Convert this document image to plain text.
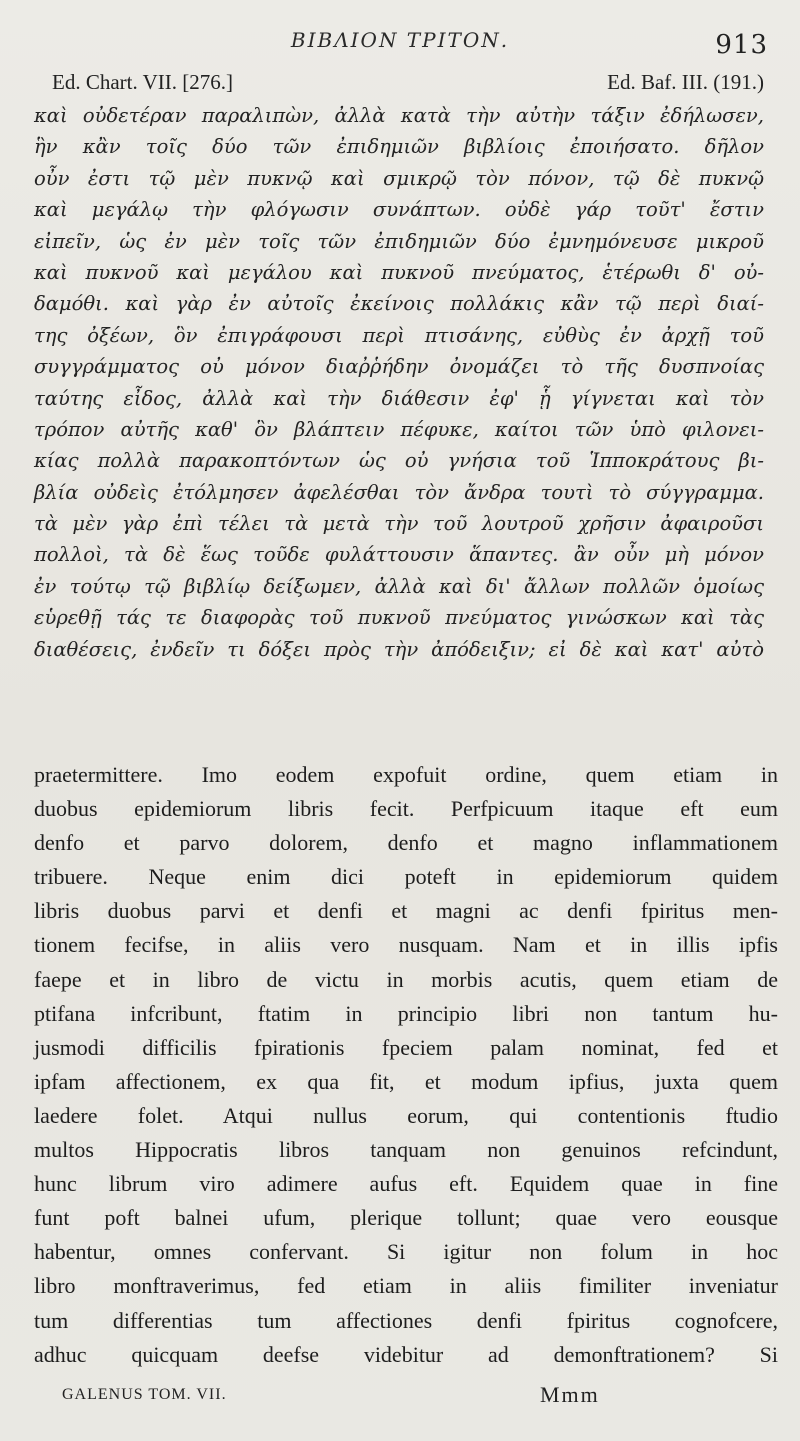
BIBΛΙΟΝ ΤΡΙΤΟΝ.	913
Ed. Chart. VII. [276.]	Ed. Baf. III. (191.)
καὶ οὐδετέραν παραλιπὼν, ἀλλὰ κατὰ τὴν αὐτὴν τάξιν ἐδήλωσεν,
ἣν κἂν τοῖς δύο τῶν ἐπιδημιῶν βιβλίοις ἐποιήσατο. δῆλον
οὖν ἐστι τῷ μὲν πυκνῷ καὶ σμικρῷ τὸν πόνον, τῷ δὲ πυκνῷ
καὶ μεγάλῳ τὴν φλόγωσιν συνάπτων. οὐδὲ γάρ τοῦτ' ἔστιν
εἰπεῖν, ὡς ἐν μὲν τοῖς τῶν ἐπιδημιῶν δύο ἐμνημόνευσε μικροῦ
καὶ πυκνοῦ καὶ μεγάλου καὶ πυκνοῦ πνεύματος, ἑτέρωθι δ' οὐ-
δαμόθι. καὶ γὰρ ἐν αὐτοῖς ἐκείνοις πολλάκις κἂν τῷ περὶ διαί-
της ὀξέων, ὃν ἐπιγράφουσι περὶ πτισάνης, εὐθὺς ἐν ἀρχῇ τοῦ
συγγράμματος οὐ μόνον διαῤῥήδην ὀνομάζει τὸ τῆς δυσπνοίας
ταύτης εἶδος, ἀλλὰ καὶ τὴν διάθεσιν ἐφ' ᾗ γίγνεται καὶ τὸν
τρόπον αὐτῆς καθ' ὃν βλάπτειν πέφυκε, καίτοι τῶν ὑπὸ φιλονει-
κίας πολλὰ παρακοπτόντων ὡς οὐ γνήσια τοῦ Ἱπποκράτους βι-
βλία οὐδεὶς ἐτόλμησεν ἀφελέσθαι τὸν ἄνδρα τουτὶ τὸ σύγγραμμα.
τὰ μὲν γὰρ ἐπὶ τέλει τὰ μετὰ τὴν τοῦ λουτροῦ χρῆσιν ἀφαιροῦσι
πολλοὶ, τὰ δὲ ἕως τοῦδε φυλάττουσιν ἅπαντες. ἂν οὖν μὴ μόνον
ἐν τούτῳ τῷ βιβλίῳ δείξωμεν, ἀλλὰ καὶ δι' ἄλλων πολλῶν ὁμοίως
εὑρεθῇ τάς τε διαφορὰς τοῦ πυκνοῦ πνεύματος γινώσκων καὶ τὰς
διαθέσεις, ἐνδεῖν τι δόξει πρὸς τὴν ἀπόδειξιν; εἰ δὲ καὶ κατ' αὐτὸ
praetermittere. Imo eodem expofuit ordine, quem etiam in
duobus epidemiorum libris fecit. Perfpicuum itaque eft eum
denfo et parvo dolorem, denfo et magno inflammationem
tribuere. Neque enim dici poteft in epidemiorum quidem
libris duobus parvi et denfi et magni ac denfi fpiritus men-
tionem fecifse, in aliis vero nusquam. Nam et in illis ipfis
faepe et in libro de victu in morbis acutis, quem etiam de
ptifana infcribunt, ftatim in principio libri non tantum hu-
jusmodi difficilis fpirationis fpeciem palam nominat, fed et
ipfam affectionem, ex qua fit, et modum ipfius, juxta quem
laedere folet. Atqui nullus eorum, qui contentionis ftudio
multos Hippocratis libros tanquam non genuinos refcindunt,
hunc librum viro adimere aufus eft. Equidem quae in fine
funt poft balnei ufum, plerique tollunt; quae vero eousque
habentur, omnes confervant. Si igitur non folum in hoc
libro monftraverimus, fed etiam in aliis fimiliter inveniatur
tum differentias tum affectiones denfi fpiritus cognofcere,
adhuc quicquam deefse videbitur ad demonftrationem? Si
GALENUS TOM. VII.	Mmm
